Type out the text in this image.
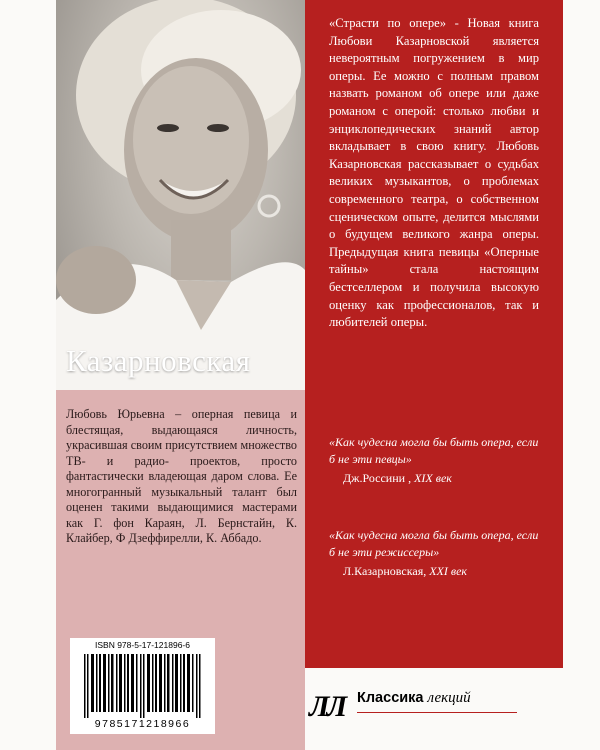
Казарновская

Любовь Юрьевна – оперная певица и блестящая, выдающаяся личность, украсившая своим присутствием множество ТВ- и радио- проектов, просто фантастически владеющая даром слова. Ее многогранный музыкальный талант был оценен такими выдающимися мастерами как Г. фон Караян, Л. Бернстайн, К. Клайбер, Ф Дзеффирелли, К. Аббадо.

ISBN 978-5-17-121896-6
9785171218966

«Страсти по опере» - Новая книга Любови Казарновской является невероятным погружением в мир оперы. Ее можно с полным правом назвать романом об опере или даже романом с оперой: столько любви и энциклопедических знаний автор вкладывает в свою книгу. Любовь Казарновская рассказывает о судьбах великих музыкантов, о проблемах современного театра, о собственном сценическом опыте, делится мыслями о будущем великого жанра оперы. Предыдущая книга певицы «Оперные тайны» стала настоящим бестселлером и получила высокую оценку как профессионалов, так и любителей оперы.

«Как чудесна могла бы быть опера, если б не эти певцы»

Дж.Россини , XIX век

«Как чудесна могла бы быть опера, если б не эти режиссеры»

Л.Казарновская, XXI век

ЛЛ Классика лекций
